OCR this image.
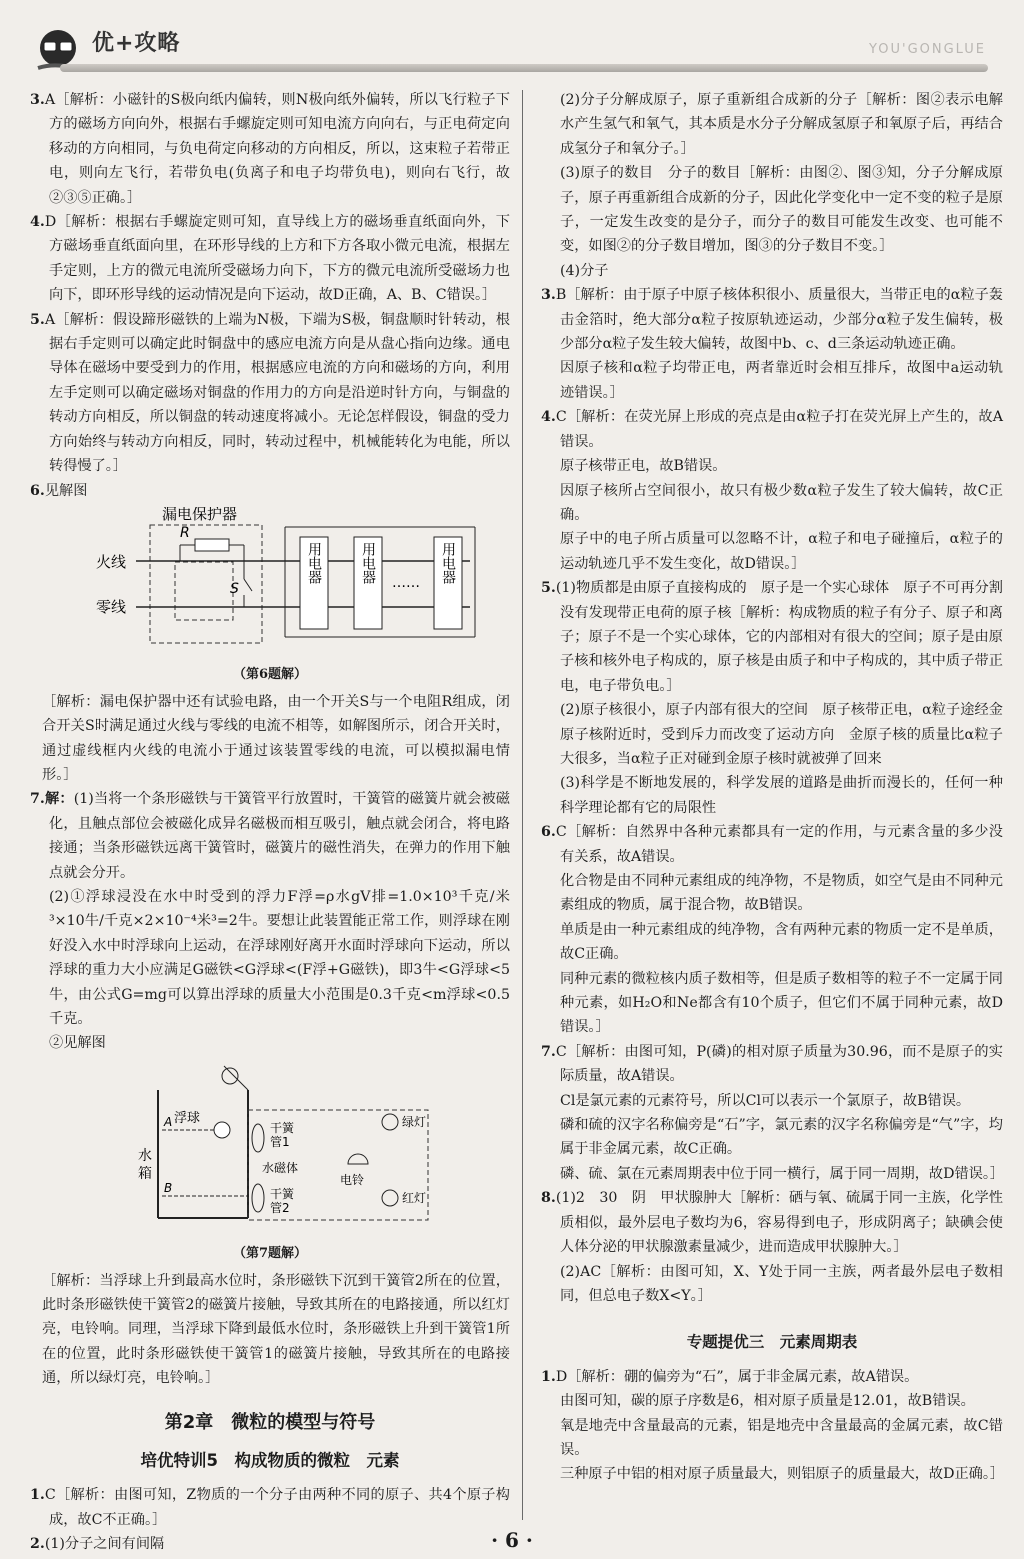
优+攻略	YOU'GONGLUE

3.A［解析：小磁针的S极向纸内偏转，则N极向纸外偏转，所以飞行粒子下方的磁场方向向外，根据右手螺旋定则可知电流方向向右，与正电荷定向移动的方向相同，与负电荷定向移动的方向相反，所以，这束粒子若带正电，则向左飞行，若带负电(负离子和电子均带负电)，则向右飞行，故②③⑤正确。］

4.D［解析：根据右手螺旋定则可知，直导线上方的磁场垂直纸面向外，下方磁场垂直纸面向里，在环形导线的上方和下方各取小微元电流，根据左手定则，上方的微元电流所受磁场力向下，下方的微元电流所受磁场力也向下，即环形导线的运动情况是向下运动，故D正确，A、B、C错误。］

5.A［解析：假设蹄形磁铁的上端为N极，下端为S极，铜盘顺时针转动，根据右手定则可以确定此时铜盘中的感应电流方向是从盘心指向边缘。通电导体在磁场中要受到力的作用，根据感应电流的方向和磁场的方向，利用左手定则可以确定磁场对铜盘的作用力的方向是沿逆时针方向，与铜盘的转动方向相反，所以铜盘的转动速度将减小。无论怎样假设，铜盘的受力方向始终与转动方向相反，同时，转动过程中，机械能转化为电能，所以转得慢了。］

6.见解图

漏电保护器
火线
零线
R
S
用电器	用电器	用电器
……
（第6题解）

［解析：漏电保护器中还有试验电路，由一个开关S与一个电阻R组成，闭合开关S时满足通过火线与零线的电流不相等，如解图所示，闭合开关时，通过虚线框内火线的电流小于通过该装置零线的电流，可以模拟漏电情形。］

7.解：(1)当将一个条形磁铁与干簧管平行放置时，干簧管的磁簧片就会被磁化，且触点部位会被磁化成异名磁极而相互吸引，触点就会闭合，将电路接通；当条形磁铁远离干簧管时，磁簧片的磁性消失，在弹力的作用下触点就会分开。

(2)①浮球浸没在水中时受到的浮力F浮=ρ水gV排=1.0×10³千克/米³×10牛/千克×2×10⁻⁴米³=2牛。要想让此装置能正常工作，则浮球在刚好没入水中时浮球向上运动，在浮球刚好离开水面时浮球向下运动，所以浮球的重力大小应满足G磁铁<G浮球<(F浮+G磁铁)，即3牛<G浮球<5牛，由公式G=mg可以算出浮球的质量大小范围是0.3千克<m浮球<0.5千克。

②见解图

浮球
A
B
水
箱
干簧
管1
水磁体
干簧
管2
电铃
绿灯
红灯
（第7题解）

［解析：当浮球上升到最高水位时，条形磁铁下沉到干簧管2所在的位置，此时条形磁铁使干簧管2的磁簧片接触，导致其所在的电路接通，所以红灯亮，电铃响。同理，当浮球下降到最低水位时，条形磁铁上升到干簧管1所在的位置，此时条形磁铁使干簧管1的磁簧片接触，导致其所在的电路接通，所以绿灯亮，电铃响。］

第2章　微粒的模型与符号
培优特训5　构成物质的微粒　元素

1.C［解析：由图可知，Z物质的一个分子由两种不同的原子、共4个原子构成，故C不正确。］

2.(1)分子之间有间隔

(2)分子分解成原子，原子重新组合成新的分子［解析：图②表示电解水产生氢气和氧气，其本质是水分子分解成氢原子和氧原子后，再结合成氢分子和氧分子。］

(3)原子的数目　分子的数目［解析：由图②、图③知，分子分解成原子，原子再重新组合成新的分子，因此化学变化中一定不变的粒子是原子，一定发生改变的是分子，而分子的数目可能发生改变、也可能不变，如图②的分子数目增加，图③的分子数目不变。］

(4)分子

3.B［解析：由于原子中原子核体积很小、质量很大，当带正电的α粒子轰击金箔时，绝大部分α粒子按原轨迹运动，少部分α粒子发生偏转，极少部分α粒子发生较大偏转，故图中b、c、d三条运动轨迹正确。

因原子核和α粒子均带正电，两者靠近时会相互排斥，故图中a运动轨迹错误。］

4.C［解析：在荧光屏上形成的亮点是由α粒子打在荧光屏上产生的，故A错误。

原子核带正电，故B错误。

因原子核所占空间很小，故只有极少数α粒子发生了较大偏转，故C正确。

原子中的电子所占质量可以忽略不计，α粒子和电子碰撞后，α粒子的运动轨迹几乎不发生变化，故D错误。］

5.(1)物质都是由原子直接构成的　原子是一个实心球体　原子不可再分割　没有发现带正电荷的原子核［解析：构成物质的粒子有分子、原子和离子；原子不是一个实心球体，它的内部相对有很大的空间；原子是由原子核和核外电子构成的，原子核是由质子和中子构成的，其中质子带正电，电子带负电。］

(2)原子核很小，原子内部有很大的空间　原子核带正电，α粒子途经金原子核附近时，受到斥力而改变了运动方向　金原子核的质量比α粒子大很多，当α粒子正对碰到金原子核时就被弹了回来

(3)科学是不断地发展的，科学发展的道路是曲折而漫长的，任何一种科学理论都有它的局限性

6.C［解析：自然界中各种元素都具有一定的作用，与元素含量的多少没有关系，故A错误。

化合物是由不同种元素组成的纯净物，不是物质，如空气是由不同种元素组成的物质，属于混合物，故B错误。

单质是由一种元素组成的纯净物，含有两种元素的物质一定不是单质，故C正确。

同种元素的微粒核内质子数相等，但是质子数相等的粒子不一定属于同种元素，如H₂O和Ne都含有10个质子，但它们不属于同种元素，故D错误。］

7.C［解析：由图可知，P(磷)的相对原子质量为30.96，而不是原子的实际质量，故A错误。

Cl是氯元素的元素符号，所以Cl可以表示一个氯原子，故B错误。

磷和硫的汉字名称偏旁是“石”字，氯元素的汉字名称偏旁是“气”字，均属于非金属元素，故C正确。

磷、硫、氯在元素周期表中位于同一横行，属于同一周期，故D错误。］

8.(1)2　30　阴　甲状腺肿大［解析：硒与氧、硫属于同一主族，化学性质相似，最外层电子数均为6，容易得到电子，形成阴离子；缺碘会使人体分泌的甲状腺激素量减少，进而造成甲状腺肿大。］

(2)AC［解析：由图可知，X、Y处于同一主族，两者最外层电子数相同，但总电子数X<Y。］

专题提优三　元素周期表

1.D［解析：硼的偏旁为“石”，属于非金属元素，故A错误。

由图可知，碳的原子序数是6，相对原子质量是12.01，故B错误。

氧是地壳中含量最高的元素，铝是地壳中含量最高的金属元素，故C错误。

三种原子中铝的相对原子质量最大，则铝原子的质量最大，故D正确。］

· 6 ·
